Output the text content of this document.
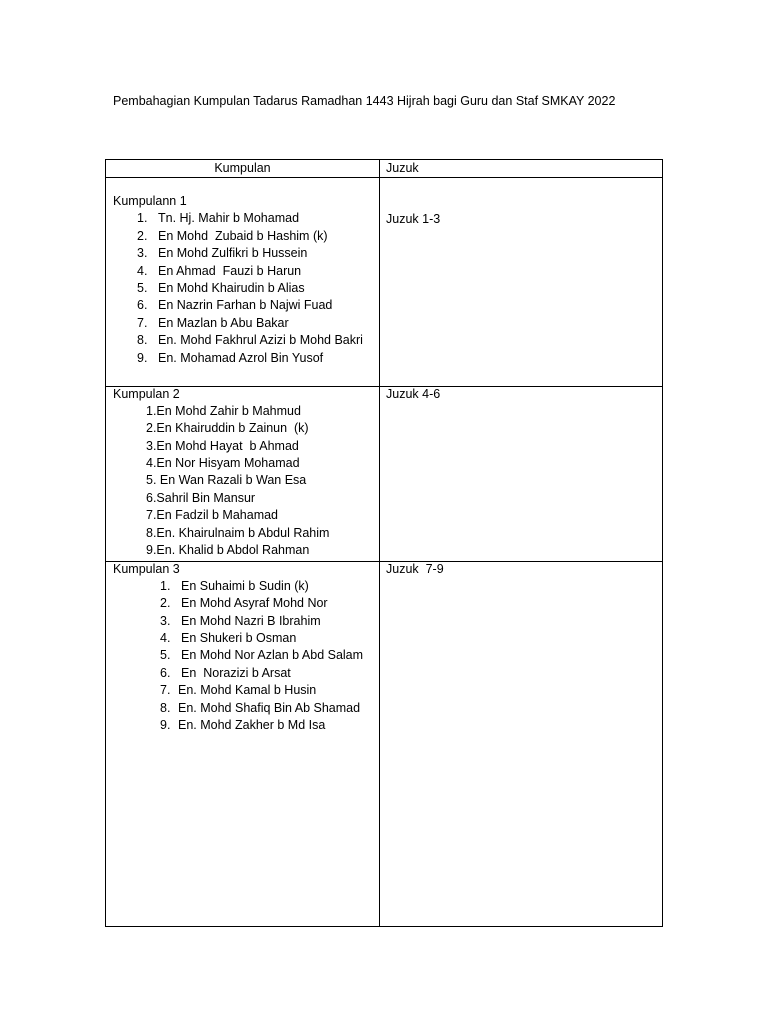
Pembahagian Kumpulan Tadarus Ramadhan 1443 Hijrah bagi Guru dan Staf SMKAY 2022
Kumpulan	Juzuk

Kumpulann 1

1.

Tn. Hj. Mahir b Mohamad

2.

En Mohd  Zubaid b Hashim (k)

3.

En Mohd Zulfikri b Hussein

4.

En Ahmad  Fauzi b Harun

5.

En Mohd Khairudin b Alias

6.

En Nazrin Farhan b Najwi Fuad

7.

En Mazlan b Abu Bakar

8.

En. Mohd Fakhrul Azizi b Mohd Bakri

9.

En. Mohamad Azrol Bin Yusof

Juzuk 1-3

Kumpulan 2

1.En Mohd Zahir b Mahmud

2.En Khairuddin b Zainun  (k)

3.En Mohd Hayat  b Ahmad

4.En Nor Hisyam Mohamad

5. En Wan Razali b Wan Esa

6.Sahril Bin Mansur

7.En Fadzil b Mahamad

8.En. Khairulnaim b Abdul Rahim

9.En. Khalid b Abdol Rahman

Juzuk 4-6

Kumpulan 3

1.

En Suhaimi b Sudin (k)

2.

En Mohd Asyraf Mohd Nor

3.

En Mohd Nazri B Ibrahim

4.

En Shukeri b Osman

5.

En Mohd Nor Azlan b Abd Salam

6.

En  Norazizi b Arsat

7.

En. Mohd Kamal b Husin

8.

En. Mohd Shafiq Bin Ab Shamad

9.

En. Mohd Zakher b Md Isa

Juzuk  7-9
